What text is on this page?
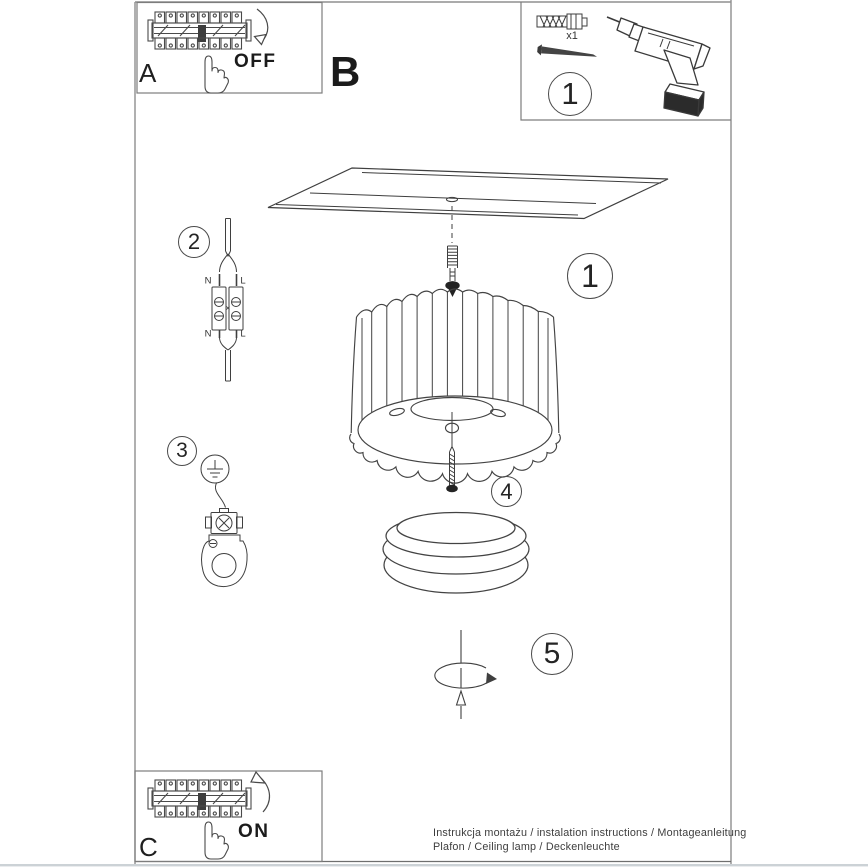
A	OFF B
C
ON
x1
1
1
2
3
4
5
N	L
N	L
Instrukcja montażu / instalation instructions / Montageanleitung
Plafon / Ceiling lamp / Deckenleuchte
